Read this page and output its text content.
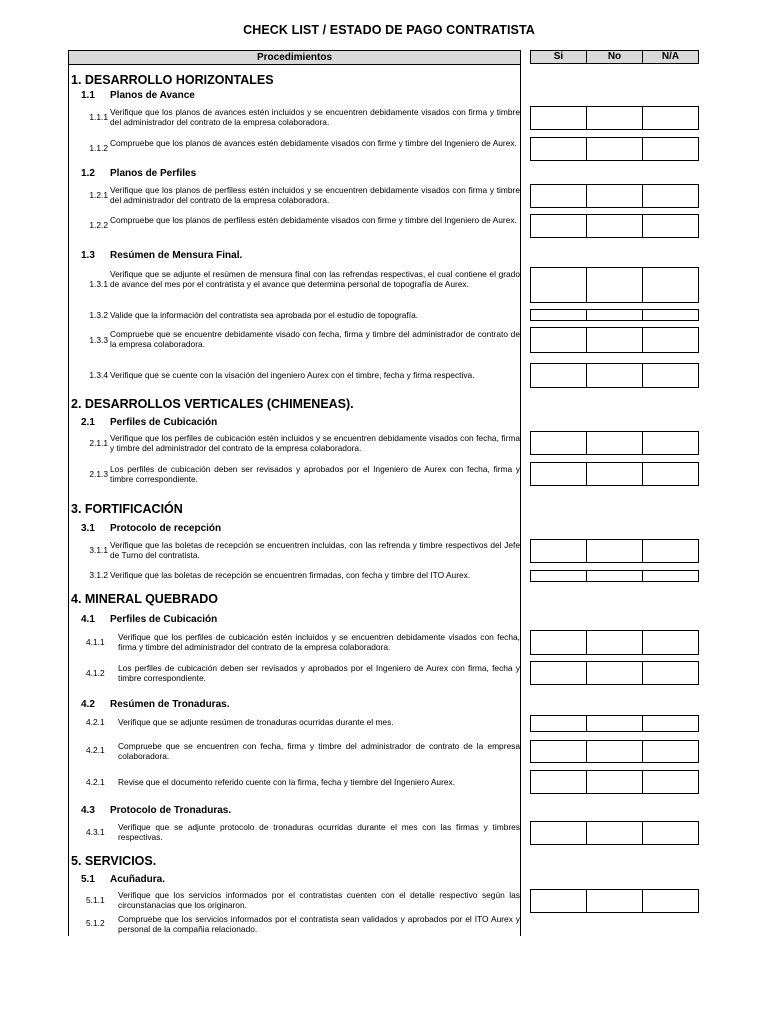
CHECK LIST / ESTADO DE PAGO CONTRATISTA
Procedimientos	Si	No	N/A
1. DESARROLLO HORIZONTALES
1.1 Planos de Avance
1.1.1 Verifique que los planos de avances estén incluidos y se encuentren debidamente visados con firma y timbre del administrador del contrato de la empresa colaboradora.
1.1.2 Compruebe que los planos de avances estén debidamente visados con firme y timbre del Ingeniero de Aurex.
1.2 Planos de Perfiles
1.2.1 Verifique que los planos de perfiless estén incluidos y se encuentren debidamente visados con firma y timbre del administrador del contrato de la empresa colaboradora.
1.2.2 Compruebe que los planos de perfiless estén debidamente visados con firme y timbre del Ingeniero de Aurex.
1.3 Resúmen de Mensura Final.
1.3.1
Verifique que se adjunte el resúmen de mensura final con las refrendas respectivas, el cual contiene el grado de avance del mes por el contratista y el avance que determina personal de topografía de Aurex.
1.3.2 Valide que la información del contratista sea aprobada por el estudio de topografía.
1.3.3
Compruebe que se encuentre debidamente visado con fecha, firma y timbre del administrador de contrato de la empresa colaboradora.
1.3.4 Verifique que se cuente con la visación del ingeniero Aurex con el timbre, fecha y firma respectiva.
2. DESARROLLOS VERTICALES (CHIMENEAS).
2.1 Perfiles de Cubicación
2.1.1 Verifique que los perfiles de cubicación estén incluidos y se encuentren debidamente visados con fecha, firma y timbre del administrador del contrato de la empresa colaboradora.
2.1.3 Los perfiles de cubicación deben ser revisados y aprobados por el Ingeniero de Aurex con fecha, firma y timbre correspondiente.
3. FORTIFICACIÓN
3.1 Protocolo de recepción
3.1.1 Verifique que las boletas de recepción se encuentren incluidas, con las refrenda y timbre respectivos del Jefe de Turno del contratista.
3.1.2 Verifique que las boletas de recepción se encuentren firmadas, con fecha y timbre del ITO Aurex.
4. MINERAL QUEBRADO
4.1 Perfiles de Cubicación
4.1.1 Verifique que los perfiles de cubicación estén incluidos y se encuentren debidamente visados con fecha, firma y timbre del administrador del contrato de la empresa colaboradora.
4.1.2 Los perfiles de cubicación deben ser revisados y aprobados por el Ingeniero de Aurex con firma, fecha y timbre correspondiente.
4.2 Resúmen de Tronaduras.
4.2.1 Verifique que se adjunte resúmen de tronaduras ocurridas durante el mes.
4.2.1 Compruebe que se encuentren con fecha, firma y timbre del administrador de contrato de la empresa colaboradora.
4.2.1 Revise que el documento referido cuente con la firma, fecha y tiembre del Ingeniero Aurex.
4.3 Protocolo de Tronaduras.
4.3.1 Verifique que se adjunte protocolo de tronaduras ocurridas durante el mes con las firmas y timbres respectivas.
5. SERVICIOS.
5.1 Acuñadura.
5.1.1 Verifique que los servicios informados por el contratistas cuenten con el detalle respectivo según las circunstanacias que los originaron.
5.1.2 Compruebe que los servicios informados por el contratista sean validados y aprobados por el ITO Aurex y personal de la compañia relacionado.
